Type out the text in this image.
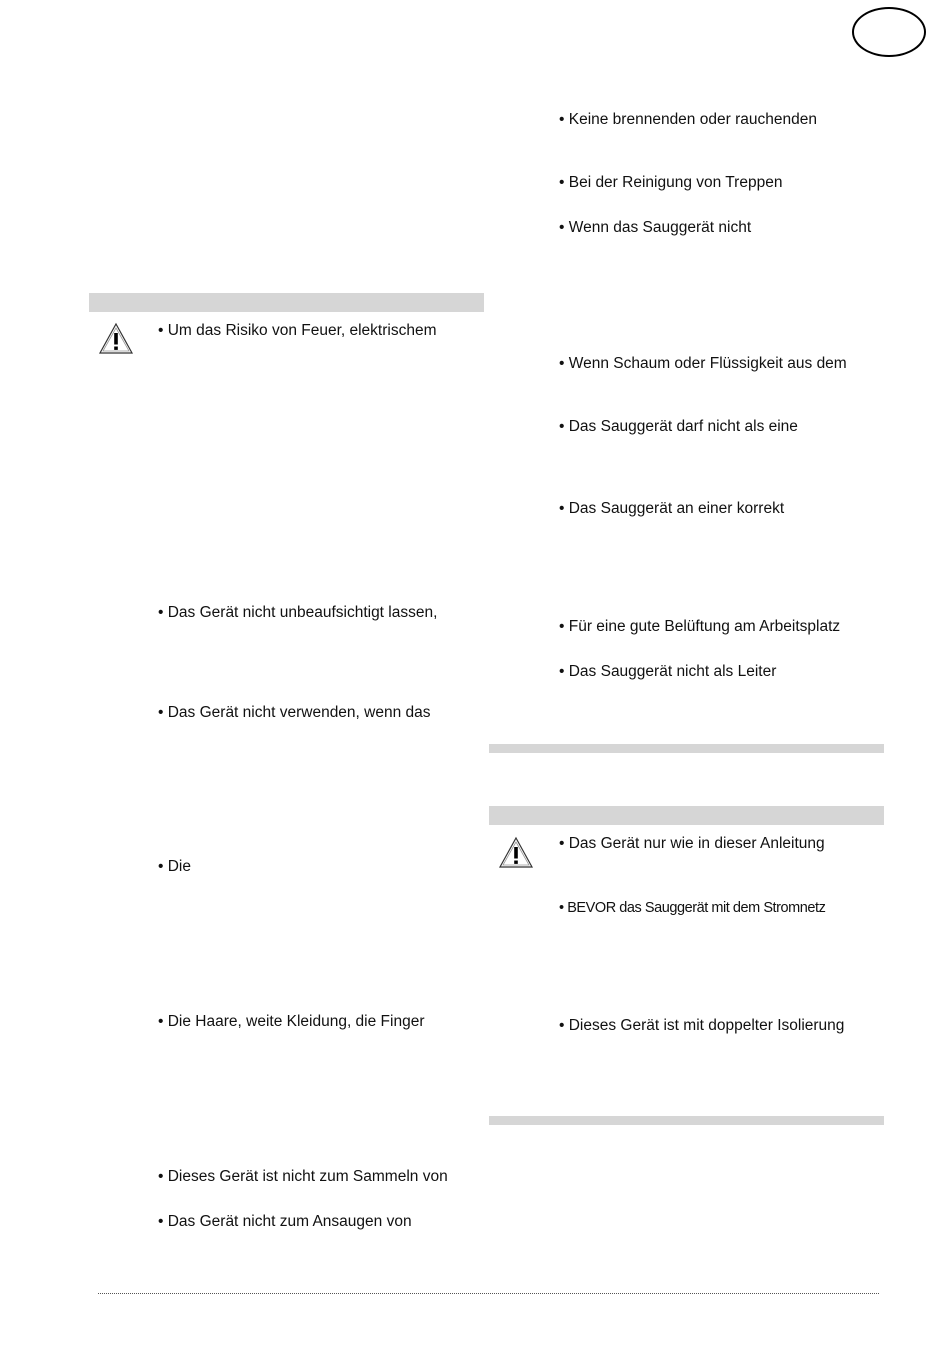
• Um das Risiko von Feuer, elektrischem
• Das Gerät nicht unbeaufsichtigt lassen,
• Das Gerät nicht verwenden, wenn das
• Die
• Die Haare, weite Kleidung, die Finger
• Dieses Gerät ist nicht zum Sammeln von
• Das Gerät nicht zum Ansaugen von
• Keine brennenden oder rauchenden
• Bei der Reinigung von Treppen
• Wenn das Sauggerät nicht
• Wenn Schaum oder Flüssigkeit aus dem
• Das Sauggerät darf nicht als eine
• Das Sauggerät an einer korrekt
• Für eine gute Belüftung am Arbeitsplatz
• Das Sauggerät nicht als Leiter
• Das Gerät nur wie in dieser Anleitung
• BEVOR das Sauggerät mit dem Stromnetz
• Dieses Gerät ist mit doppelter Isolierung
